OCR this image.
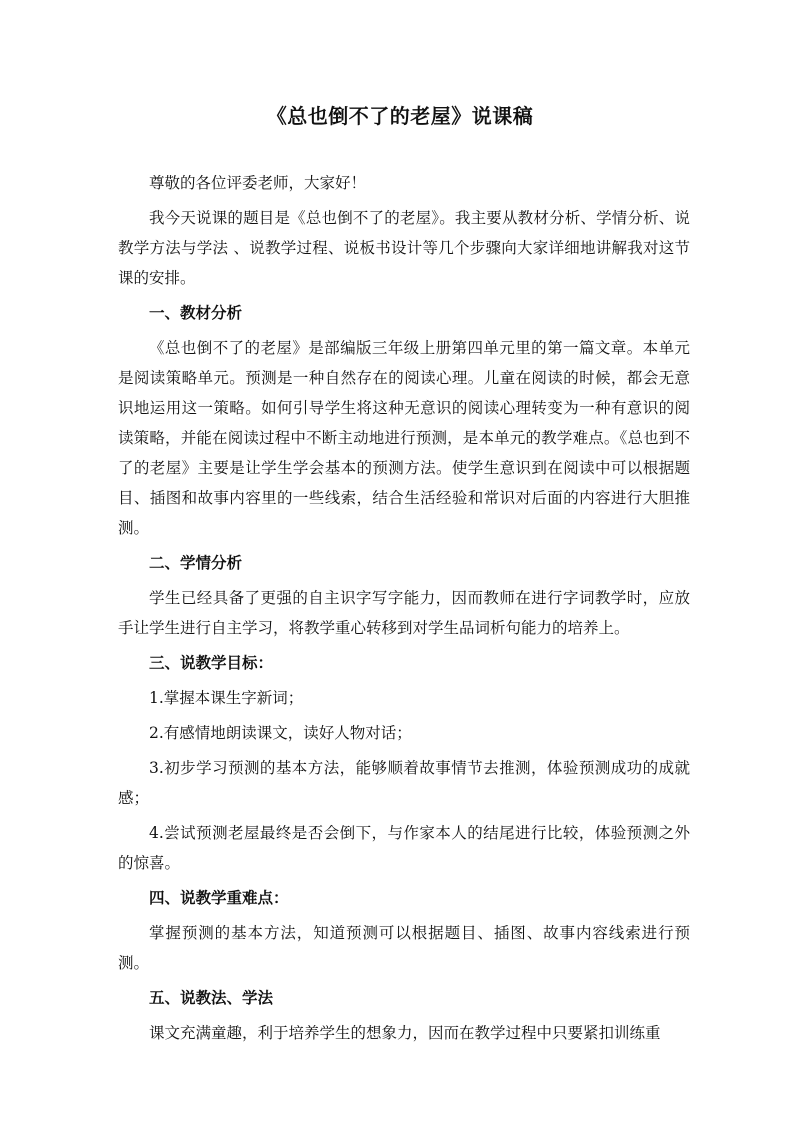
《总也倒不了的老屋》说课稿

尊敬的各位评委老师，大家好！

我今天说课的题目是《总也倒不了的老屋》。我主要从教材分析、学情分析、说教学方法与学法 、说教学过程、说板书设计等几个步骤向大家详细地讲解我对这节课的安排。

一、教材分析

《总也倒不了的老屋》是部编版三年级上册第四单元里的第一篇文章。本单元是阅读策略单元。预测是一种自然存在的阅读心理。儿童在阅读的时候，都会无意识地运用这一策略。如何引导学生将这种无意识的阅读心理转变为一种有意识的阅读策略，并能在阅读过程中不断主动地进行预测，是本单元的教学难点。《总也到不了的老屋》主要是让学生学会基本的预测方法。使学生意识到在阅读中可以根据题目、插图和故事内容里的一些线索，结合生活经验和常识对后面的内容进行大胆推测。

二、学情分析

学生已经具备了更强的自主识字写字能力，因而教师在进行字词教学时，应放手让学生进行自主学习，将教学重心转移到对学生品词析句能力的培养上。

三、说教学目标：

1.掌握本课生字新词；

2.有感情地朗读课文，读好人物对话；

3.初步学习预测的基本方法，能够顺着故事情节去推测，体验预测成功的成就感；

4.尝试预测老屋最终是否会倒下，与作家本人的结尾进行比较，体验预测之外的惊喜。

四、说教学重难点：

掌握预测的基本方法，知道预测可以根据题目、插图、故事内容线索进行预测。

五、说教法、学法

课文充满童趣，利于培养学生的想象力，因而在教学过程中只要紧扣训练重
